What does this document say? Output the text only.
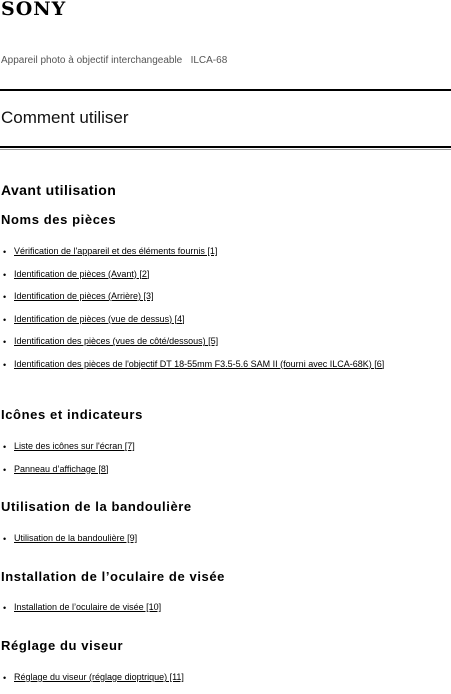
SONY
Appareil photo à objectif interchangeable   ILCA-68
Comment utiliser
Avant utilisation
Noms des pièces
• Vérification de l'appareil et des éléments fournis [1]
• Identification de pièces (Avant) [2]
• Identification de pièces (Arrière) [3]
• Identification de pièces (vue de dessus) [4]
• Identification des pièces (vues de côté/dessous) [5]
• Identification des pièces de l'objectif DT 18-55mm F3.5-5.6 SAM II (fourni avec ILCA-68K) [6]
Icônes et indicateurs
• Liste des icônes sur l'écran [7]
• Panneau d’affichage [8]
Utilisation de la bandoulière
• Utilisation de la bandoulière [9]
Installation de l’oculaire de visée
• Installation de l’oculaire de visée [10]
Réglage du viseur
• Réglage du viseur (réglage dioptrique) [11]
